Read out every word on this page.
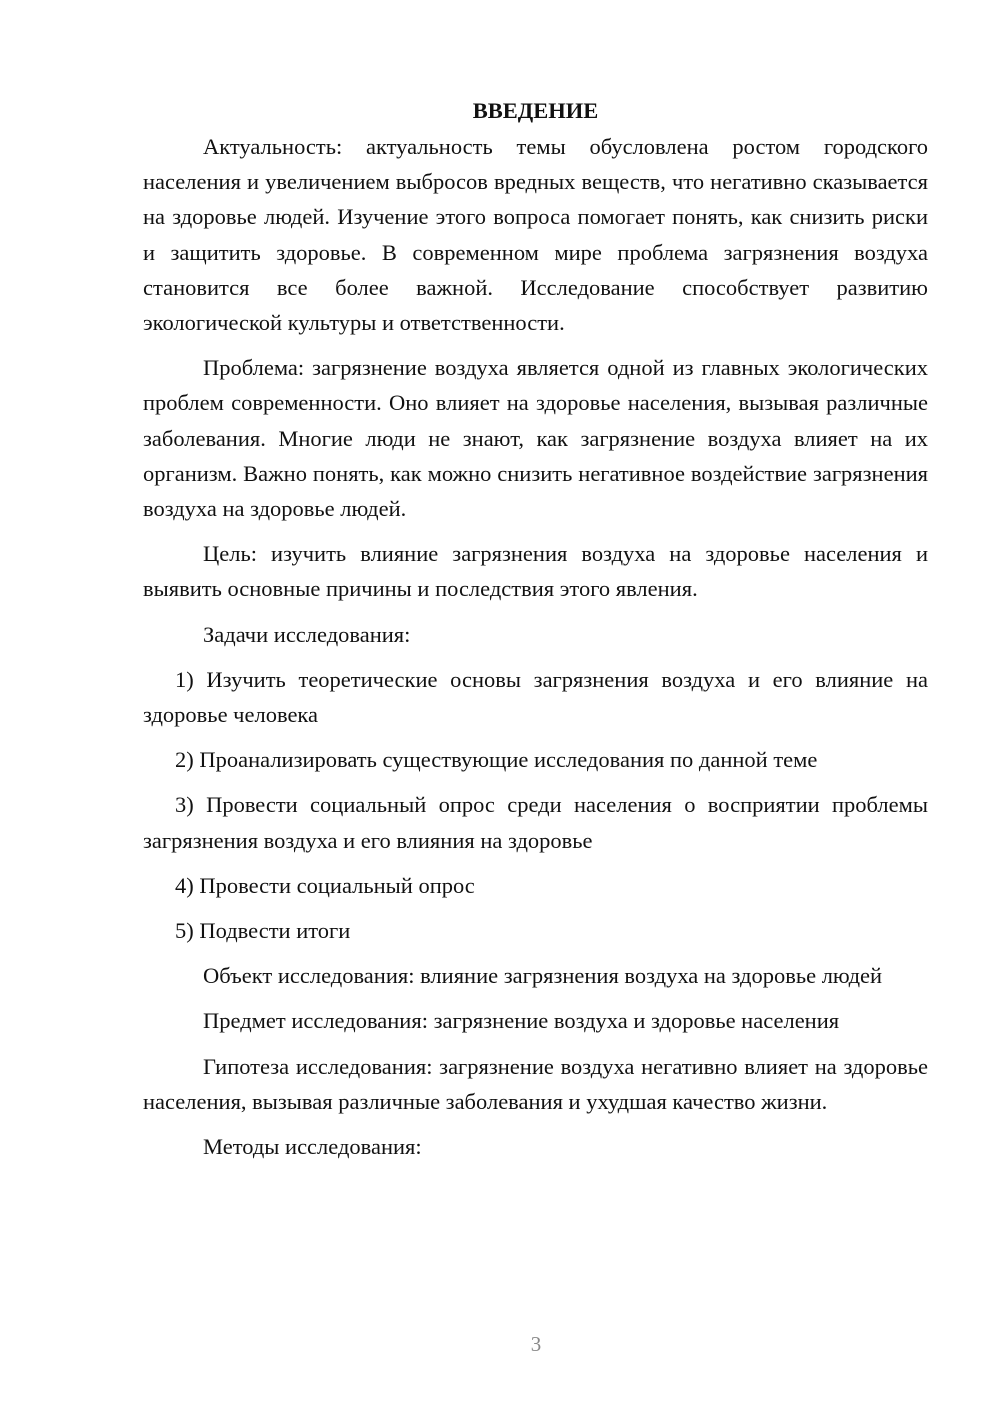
ВВЕДЕНИЕ

Актуальность: актуальность темы обусловлена ростом городского населения и увеличением выбросов вредных веществ, что негативно сказывается на здоровье людей. Изучение этого вопроса помогает понять, как снизить риски и защитить здоровье. В современном мире проблема загрязнения воздуха становится все более важной. Исследование способствует развитию экологической культуры и ответственности.

Проблема: загрязнение воздуха является одной из главных экологических проблем современности. Оно влияет на здоровье населения, вызывая различные заболевания. Многие люди не знают, как загрязнение воздуха влияет на их организм. Важно понять, как можно снизить негативное воздействие загрязнения воздуха на здоровье людей.

Цель: изучить влияние загрязнения воздуха на здоровье населения и выявить основные причины и последствия этого явления.

Задачи исследования:

1) Изучить теоретические основы загрязнения воздуха и его влияние на здоровье человека

2) Проанализировать существующие исследования по данной теме

3) Провести социальный опрос среди населения о восприятии проблемы загрязнения воздуха и его влияния на здоровье

4) Провести социальный опрос

5) Подвести итоги

Объект исследования: влияние загрязнения воздуха на здоровье людей

Предмет исследования: загрязнение воздуха и здоровье населения

Гипотеза исследования: загрязнение воздуха негативно влияет на здоровье населения, вызывая различные заболевания и ухудшая качество жизни.

Методы исследования:

3
